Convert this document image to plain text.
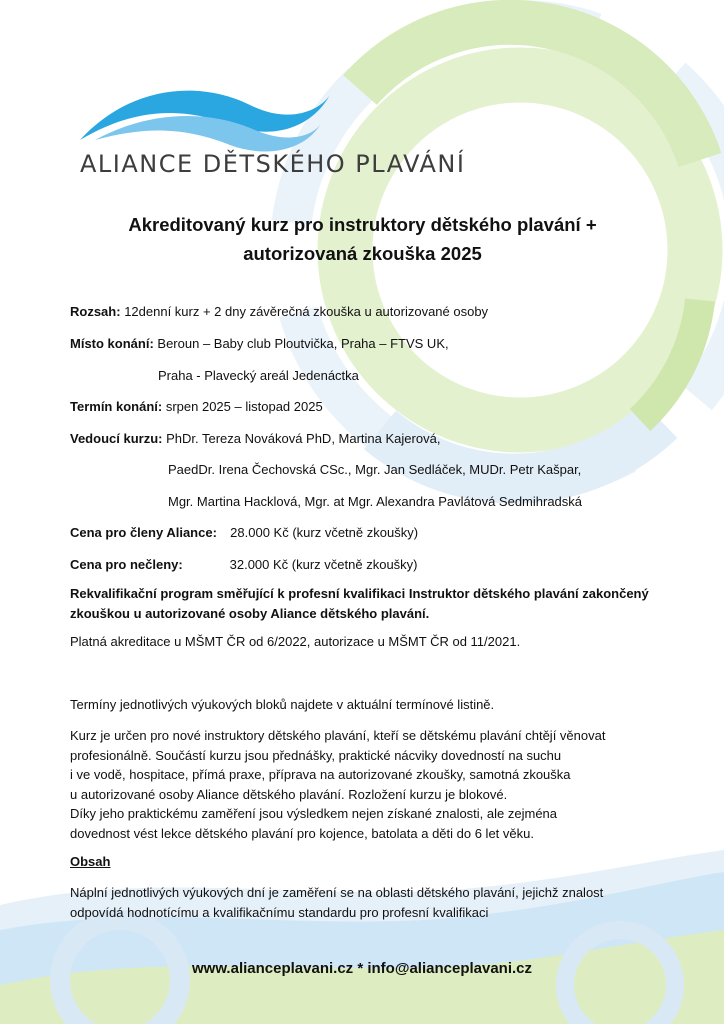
ALIANCE DĚTSKÉHO PLAVÁNÍ
Akreditovaný kurz pro instruktory dětského plavání +
autorizovaná zkouška 2025
Rozsah: 12denní kurz + 2 dny závěrečná zkouška u autorizované osoby
Místo konání: Beroun – Baby club Ploutvička, Praha – FTVS UK,
Praha - Plavecký areál Jedenáctka
Termín konání: srpen 2025 – listopad 2025
Vedoucí kurzu: PhDr. Tereza Nováková PhD, Martina Kajerová,
PaedDr. Irena Čechovská CSc., Mgr. Jan Sedláček, MUDr. Petr Kašpar,
Mgr. Martina Hacklová, Mgr. at Mgr. Alexandra Pavlátová Sedmihradská
Cena pro členy Aliance: 28.000 Kč (kurz včetně zkoušky)
Cena pro nečleny:	32.000 Kč (kurz včetně zkoušky)
Rekvalifikační program směřující k profesní kvalifikaci Instruktor dětského plavání zakončený zkouškou u autorizované osoby Aliance dětského plavání.
Platná akreditace u MŠMT ČR od 6/2022, autorizace u MŠMT ČR od 11/2021.
Termíny jednotlivých výukových bloků najdete v aktuální termínové listině.
Kurz je určen pro nové instruktory dětského plavání, kteří se dětskému plavání chtějí věnovat
profesionálně. Součástí kurzu jsou přednášky, praktické nácviky dovedností na suchu
i ve vodě, hospitace, přímá praxe, příprava na autorizované zkoušky, samotná zkouška
u autorizované osoby Aliance dětského plavání. Rozložení kurzu je blokové.
Díky jeho praktickému zaměření jsou výsledkem nejen získané znalosti, ale zejména
dovednost vést lekce dětského plavání pro kojence, batolata a děti do 6 let věku.
Obsah
Náplní jednotlivých výukových dní je zaměření se na oblasti dětského plavání, jejichž znalost
odpovídá hodnotícímu a kvalifikačnímu standardu pro profesní kvalifikaci
www.alianceplavani.cz * info@alianceplavani.cz
